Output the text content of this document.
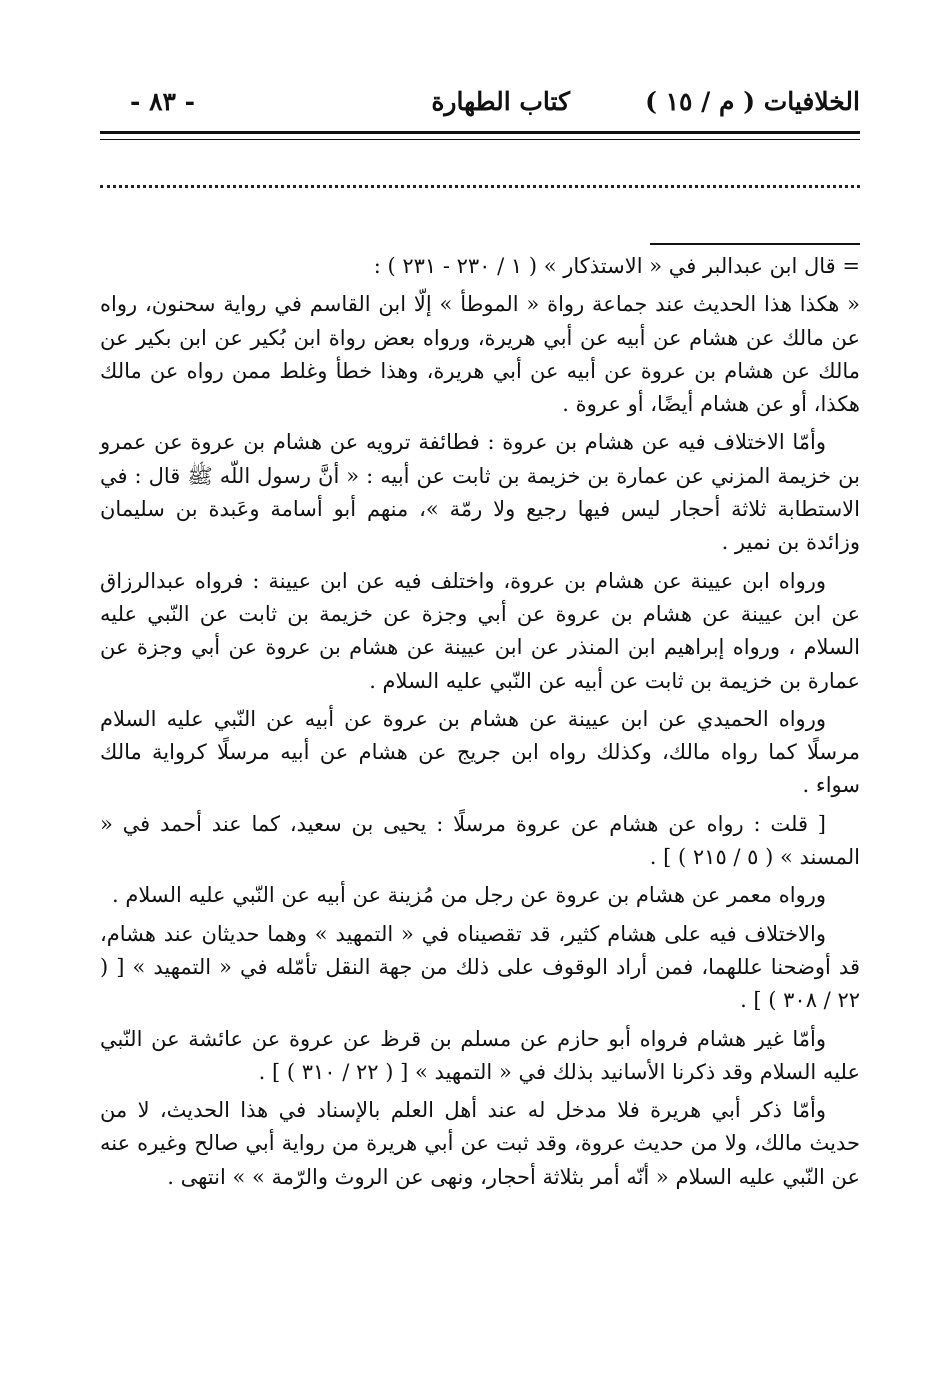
الخلافيات ( م / ١٥ )
كتاب الطهارة
- ٨٣ -

= قال ابن عبدالبر في « الاستذكار » ( ١ / ٢٣٠ - ٢٣١ ) :

« هكذا هذا الحديث عند جماعة رواة « الموطأ » إلّا ابن القاسم في رواية سحنون، رواه عن مالك عن هشام عن أبيه عن أبي هريرة، ورواه بعض رواة ابن بُكير عن ابن بكير عن مالك عن هشام بن عروة عن أبيه عن أبي هريرة، وهذا خطأ وغلط ممن رواه عن مالك هكذا، أو عن هشام أيضًا، أو عروة .

وأمّا الاختلاف فيه عن هشام بن عروة : فطائفة ترويه عن هشام بن عروة عن عمرو بن خزيمة المزني عن عمارة بن خزيمة بن ثابت عن أبيه : « أنَّ رسول اللّه ﷺ قال : في الاستطابة ثلاثة أحجار ليس فيها رجيع ولا رمّة »، منهم أبو أسامة وعَبدة بن سليمان وزائدة بن نمير .

ورواه ابن عيينة عن هشام بن عروة، واختلف فيه عن ابن عيينة : فرواه عبدالرزاق عن ابن عيينة عن هشام بن عروة عن أبي وجزة عن خزيمة بن ثابت عن النّبي عليه السلام ، ورواه إبراهيم ابن المنذر عن ابن عيينة عن هشام بن عروة عن أبي وجزة عن عمارة بن خزيمة بن ثابت عن أبيه عن النّبي عليه السلام .

ورواه الحميدي عن ابن عيينة عن هشام بن عروة عن أبيه عن النّبي عليه السلام مرسلًا كما رواه مالك، وكذلك رواه ابن جريج عن هشام عن أبيه مرسلًا كرواية مالك سواء .

[ قلت : رواه عن هشام عن عروة مرسلًا : يحيى بن سعيد، كما عند أحمد في « المسند » ( ٥ / ٢١٥ ) ] .

ورواه معمر عن هشام بن عروة عن رجل من مُزينة عن أبيه عن النّبي عليه السلام .

والاختلاف فيه على هشام كثير، قد تقصيناه في « التمهيد » وهما حديثان عند هشام، قد أوضحنا عللهما، فمن أراد الوقوف على ذلك من جهة النقل تأمّله في « التمهيد » [ ( ٢٢ / ٣٠٨ ) ] .

وأمّا غير هشام فرواه أبو حازم عن مسلم بن قرظ عن عروة عن عائشة عن النّبي عليه السلام وقد ذكرنا الأسانيد بذلك في « التمهيد » [ ( ٢٢ / ٣١٠ ) ] .

وأمّا ذكر أبي هريرة فلا مدخل له عند أهل العلم بالإسناد في هذا الحديث، لا من حديث مالك، ولا من حديث عروة، وقد ثبت عن أبي هريرة من رواية أبي صالح وغيره عنه عن النّبي عليه السلام « أنّه أمر بثلاثة أحجار، ونهى عن الروث والرّمة » » انتهى .
